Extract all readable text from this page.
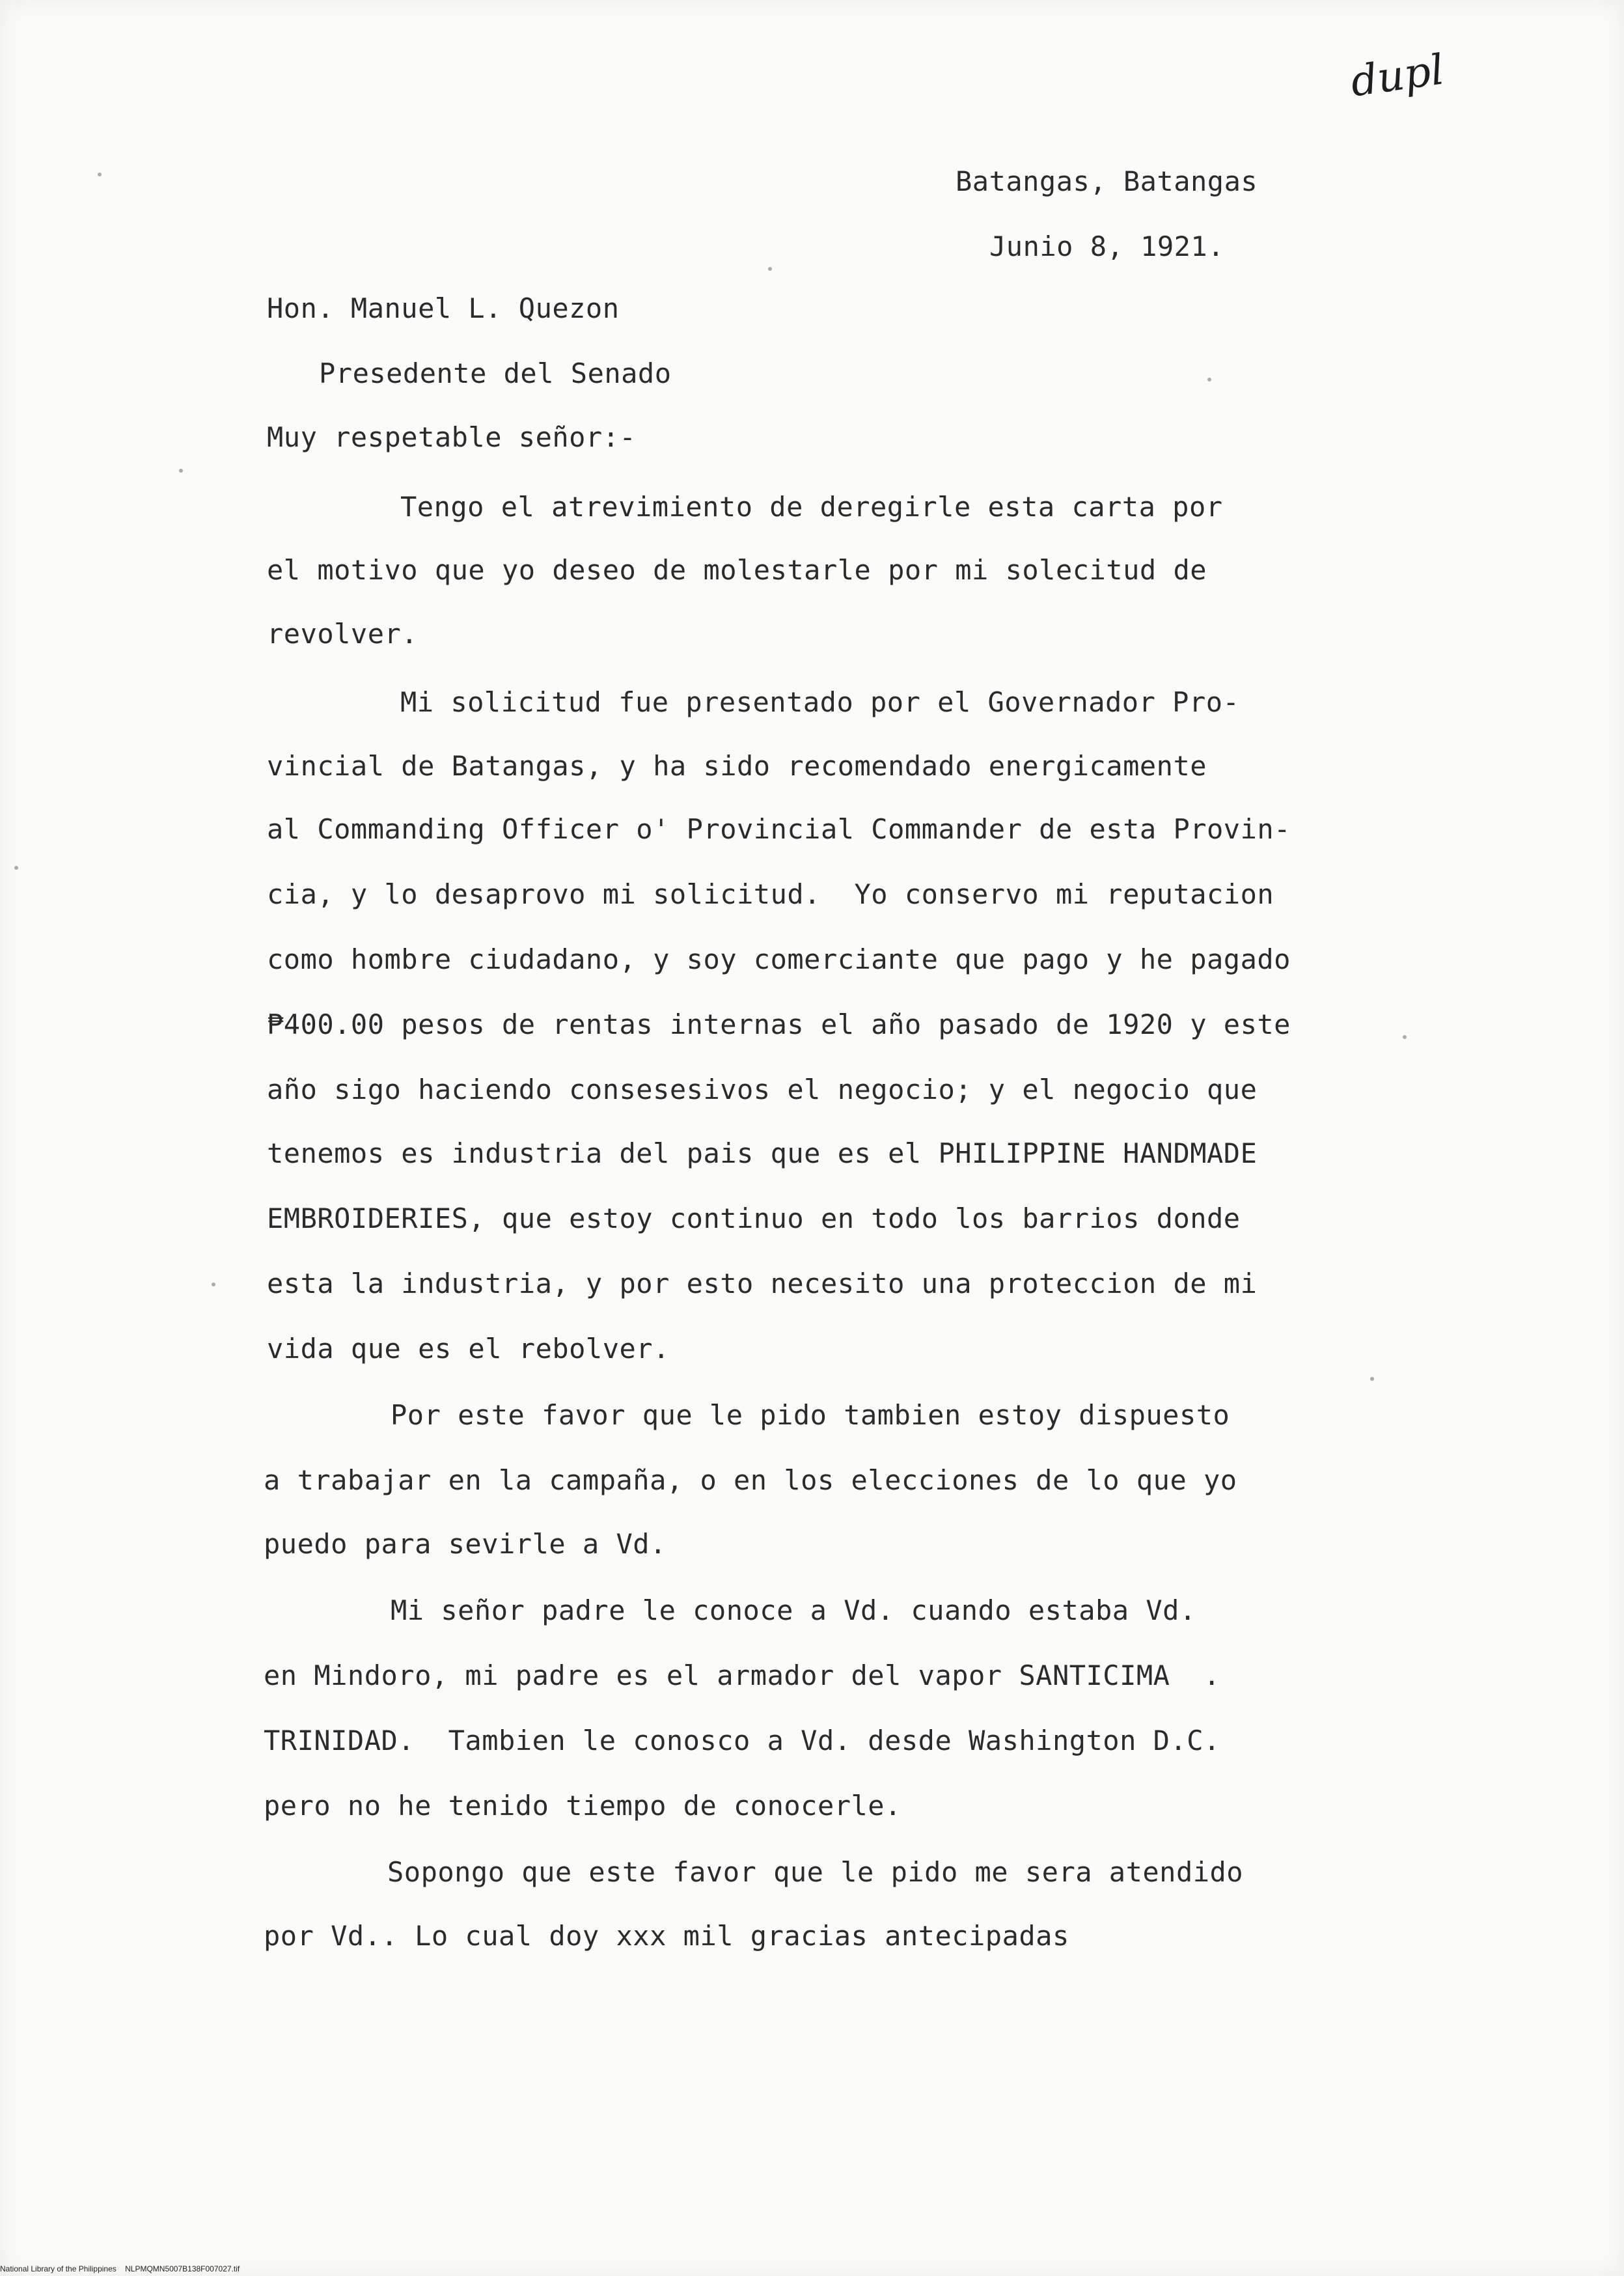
dupl
Batangas, Batangas
Junio 8, 1921.
Hon. Manuel L. Quezon
Presedente del Senado
Muy respetable señor:-
Tengo el atrevimiento de deregirle esta carta por
el motivo que yo deseo de molestarle por mi solecitud de
revolver.
Mi solicitud fue presentado por el Governador Pro-
vincial de Batangas, y ha sido recomendado energicamente
al Commanding Officer o' Provincial Commander de esta Provin-
cia, y lo desaprovo mi solicitud.  Yo conservo mi reputacion
como hombre ciudadano, y soy comerciante que pago y he pagado
₱400.00 pesos de rentas internas el año pasado de 1920 y este
año sigo haciendo consesesivos el negocio; y el negocio que
tenemos es industria del pais que es el PHILIPPINE HANDMADE
EMBROIDERIES, que estoy continuo en todo los barrios donde
esta la industria, y por esto necesito una proteccion de mi
vida que es el rebolver.
Por este favor que le pido tambien estoy dispuesto
a trabajar en la campaña, o en los elecciones de lo que yo
puedo para sevirle a Vd.
Mi señor padre le conoce a Vd. cuando estaba Vd.
en Mindoro, mi padre es el armador del vapor SANTICIMA  .
TRINIDAD.  Tambien le conosco a Vd. desde Washington D.C.
pero no he tenido tiempo de conocerle.
Sopongo que este favor que le pido me sera atendido
por Vd.. Lo cual doy xxx mil gracias antecipadas
National Library of the Philippines    NLPMQMN5007B138F007027.tif
